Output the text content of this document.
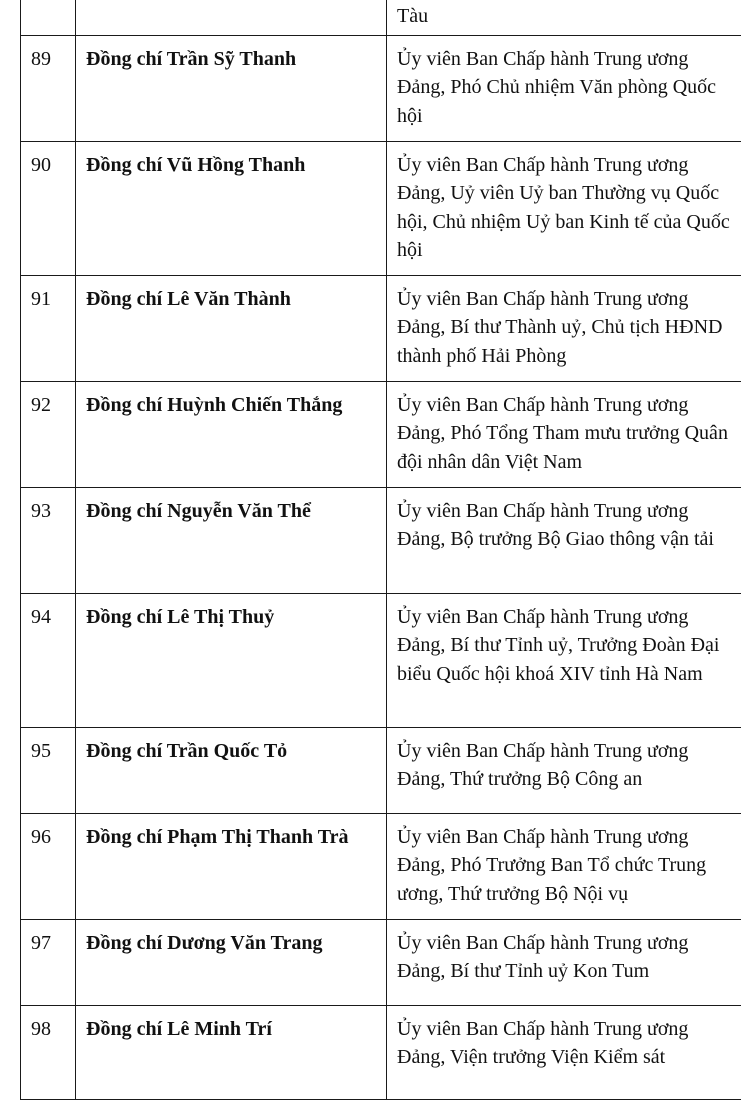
		Tàu
89	Đồng chí Trần Sỹ Thanh	Ủy viên Ban Chấp hành Trung ương Đảng, Phó Chủ nhiệm Văn phòng Quốc hội
90	Đồng chí Vũ Hồng Thanh	Ủy viên Ban Chấp hành Trung ương Đảng, Uỷ viên Uỷ ban Thường vụ Quốc hội, Chủ nhiệm Uỷ ban Kinh tế của Quốc hội
91	Đồng chí Lê Văn Thành	Ủy viên Ban Chấp hành Trung ương Đảng, Bí thư Thành uỷ, Chủ tịch HĐND thành phố Hải Phòng
92	Đồng chí Huỳnh Chiến Thắng	Ủy viên Ban Chấp hành Trung ương Đảng, Phó Tổng Tham mưu trưởng Quân đội nhân dân Việt Nam
93	Đồng chí Nguyễn Văn Thể	Ủy viên Ban Chấp hành Trung ương Đảng, Bộ trưởng Bộ Giao thông vận tải
94	Đồng chí Lê Thị Thuỷ	Ủy viên Ban Chấp hành Trung ương Đảng, Bí thư Tỉnh uỷ, Trưởng Đoàn Đại biểu Quốc hội khoá XIV tỉnh Hà Nam
95	Đồng chí Trần Quốc Tỏ	Ủy viên Ban Chấp hành Trung ương Đảng, Thứ trưởng Bộ Công an
96	Đồng chí Phạm Thị Thanh Trà	Ủy viên Ban Chấp hành Trung ương Đảng, Phó Trưởng Ban Tổ chức Trung ương, Thứ trưởng Bộ Nội vụ
97	Đồng chí Dương Văn Trang	Ủy viên Ban Chấp hành Trung ương Đảng, Bí thư Tỉnh uỷ Kon Tum
98	Đồng chí Lê Minh Trí	Ủy viên Ban Chấp hành Trung ương Đảng, Viện trưởng Viện Kiểm sát
